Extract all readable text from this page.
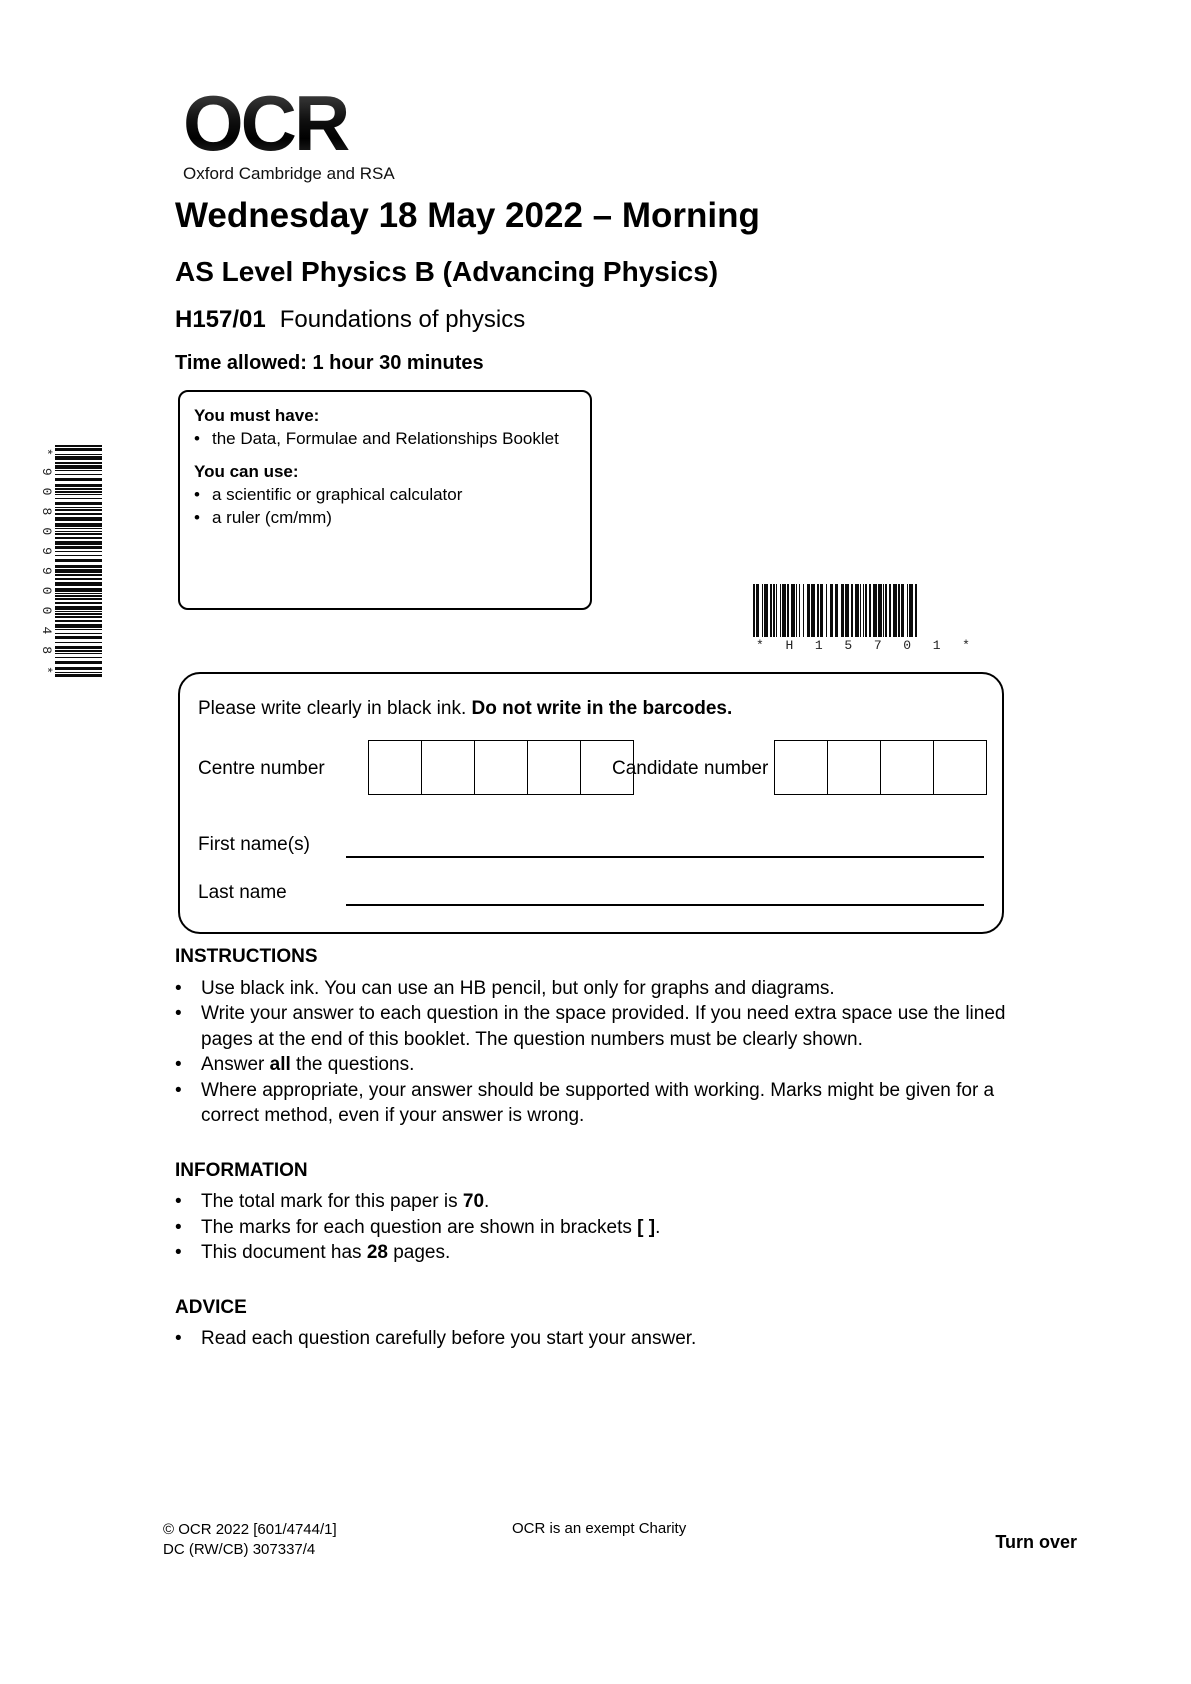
OCR
Oxford Cambridge and RSA
Wednesday 18 May 2022 – Morning
AS Level Physics B (Advancing Physics)
H157/01 Foundations of physics
Time allowed: 1 hour 30 minutes
*
9
0
8
0
9
9
0
0
4
8
*
You must have:
• the Data, Formulae and Relationships Booklet
You can use:
• a scientific or graphical calculator
• a ruler (cm/mm)
* H 1 5 7 0 1 *
Please write clearly in black ink. Do not write in the barcodes.
Centre number	Candidate number
First name(s)
Last name
INSTRUCTIONS
•	Use black ink. You can use an HB pencil, but only for graphs and diagrams.
•	Write your answer to each question in the space provided. If you need extra space use the lined pages at the end of this booklet. The question numbers must be clearly shown.
•	Answer all the questions.
•	Where appropriate, your answer should be supported with working. Marks might be given for a correct method, even if your answer is wrong.
INFORMATION
•	The total mark for this paper is 70.
•	The marks for each question are shown in brackets [ ].
•	This document has 28 pages.
ADVICE
•	Read each question carefully before you start your answer.
© OCR 2022 [601/4744/1]
DC (RW/CB) 307337/4
OCR is an exempt Charity
Turn over
